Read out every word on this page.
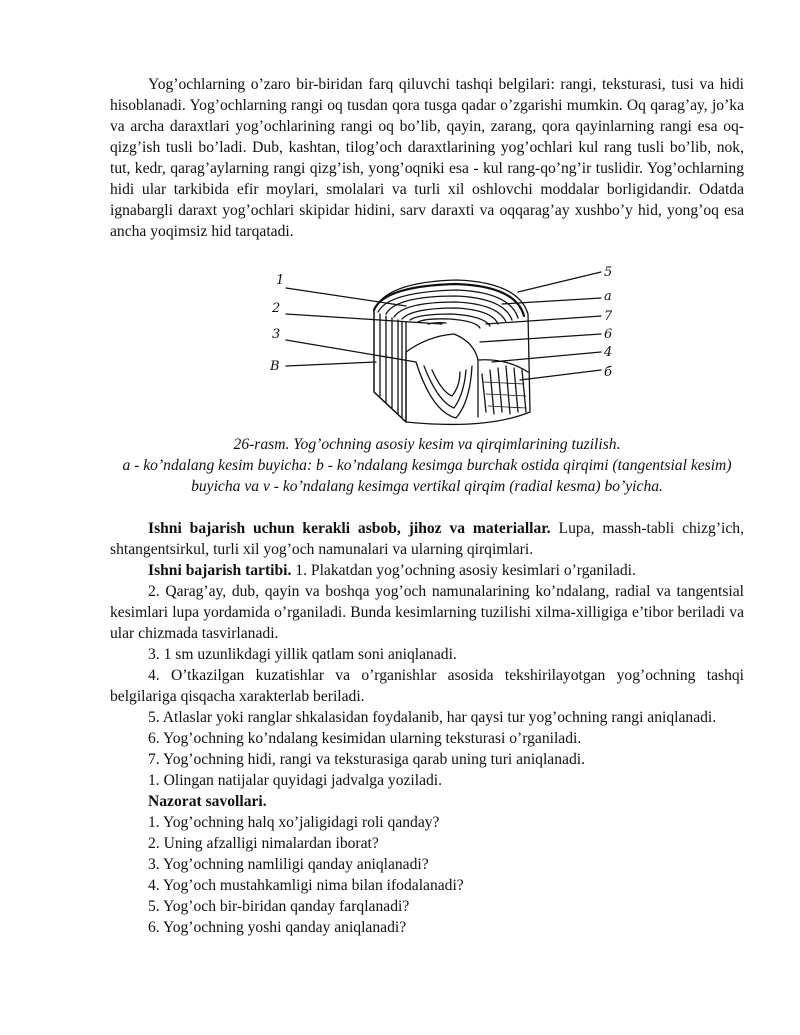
Yog’ochlarning o’zaro bir-biridan farq qiluvchi tashqi belgilari: rangi, teksturasi, tusi va hidi hisoblanadi. Yog’ochlarning rangi oq tusdan qora tusga qadar o’zgarishi mumkin. Oq qarag’ay, jo’ka va archa daraxtlari yog’ochlarining rangi oq bo’lib, qayin, zarang, qora qayinlarning rangi esa oq-qizg’ish tusli bo’ladi. Dub, kashtan, tilog’och daraxtlarining yog’ochlari kul rang tusli bo’lib, nok, tut, kedr, qarag’aylarning rangi qizg’ish, yong’oqniki esa - kul rang-qo’ng’ir tuslidir. Yog’ochlarning hidi ular tarkibida efir moylari, smolalari va turli xil oshlovchi moddalar borligidandir. Odatda ignabargli daraxt yog’ochlari skipidar hidini, sarv daraxti va oqqarag’ay xushbo’y hid, yong’oq esa ancha yoqimsiz hid tarqatadi.

1
2
3
B
5
a
7
6
4
б
26-rasm. Yog’ochning asosiy kesim va qirqimlarining tuzilish.
a - ko’ndalang kesim buyicha: b - ko’ndalang kesimga burchak ostida qirqimi (tangentsial kesim) buyicha va v - ko’ndalang kesimga vertikal qirqim (radial kesma) bo’yicha.

Ishni bajarish uchun kerakli asbob, jihoz va materiallar. Lupa, massh-tabli chizg’ich, shtangentsirkul, turli xil yog’och namunalari va ularning qirqimlari.

Ishni bajarish tartibi. 1. Plakatdan yog’ochning asosiy kesimlari o’rganiladi.

2. Qarag’ay, dub, qayin va boshqa yog’och namunalarining ko’ndalang, radial va tangentsial kesimlari lupa yordamida o’rganiladi. Bunda kesimlarning tuzilishi xilma-xilligiga e’tibor beriladi va ular chizmada tasvirlanadi.

3. 1 sm uzunlikdagi yillik qatlam soni aniqlanadi.

4. O’tkazilgan kuzatishlar va o’rganishlar asosida tekshirilayotgan yog’ochning tashqi belgilariga qisqacha xarakterlab beriladi.

5. Atlaslar yoki ranglar shkalasidan foydalanib, har qaysi tur yog’ochning rangi aniqlanadi.

6. Yog’ochning ko’ndalang kesimidan ularning teksturasi o’rganiladi.

7. Yog’ochning hidi, rangi va teksturasiga qarab uning turi aniqlanadi.

1. Olingan natijalar quyidagi jadvalga yoziladi.

Nazorat savollari.

1. Yog’ochning halq xo’jaligidagi roli qanday?

2. Uning afzalligi nimalardan iborat?

3. Yog’ochning namliligi qanday aniqlanadi?

4. Yog’och mustahkamligi nima bilan ifodalanadi?

5. Yog’och bir-biridan qanday farqlanadi?

6. Yog’ochning yoshi qanday aniqlanadi?
